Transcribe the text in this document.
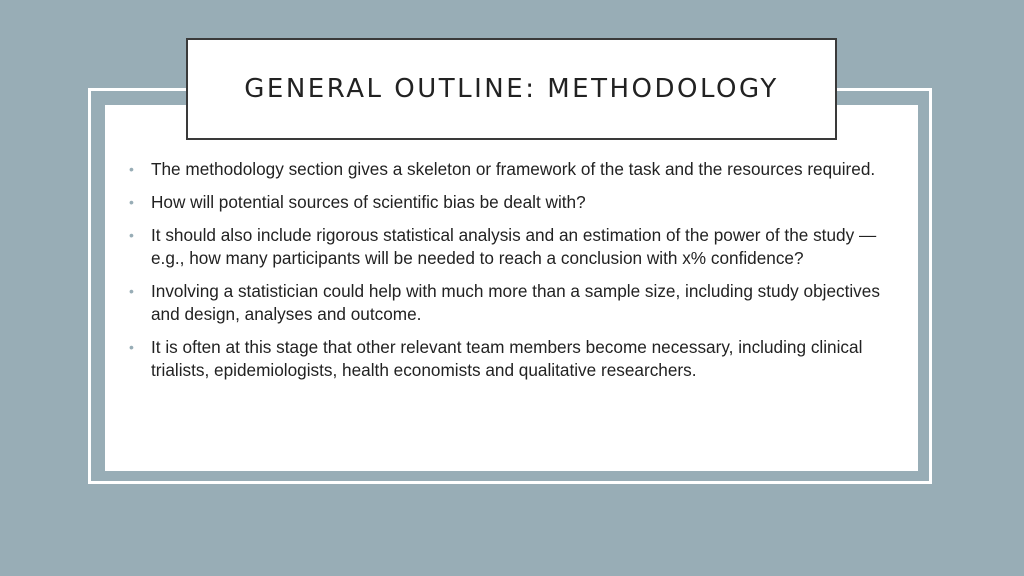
GENERAL OUTLINE: METHODOLOGY
• The methodology section gives a skeleton or framework of the task and the resources required.
• How will potential sources of scientific bias be dealt with?
• It should also include rigorous statistical analysis and an estimation of the power of the study — e.g., how many participants will be needed to reach a conclusion with x% confidence?
• Involving a statistician could help with much more than a sample size, including study objectives and design, analyses and outcome.
• It is often at this stage that other relevant team members become necessary, including clinical trialists, epidemiologists, health economists and qualitative researchers.
